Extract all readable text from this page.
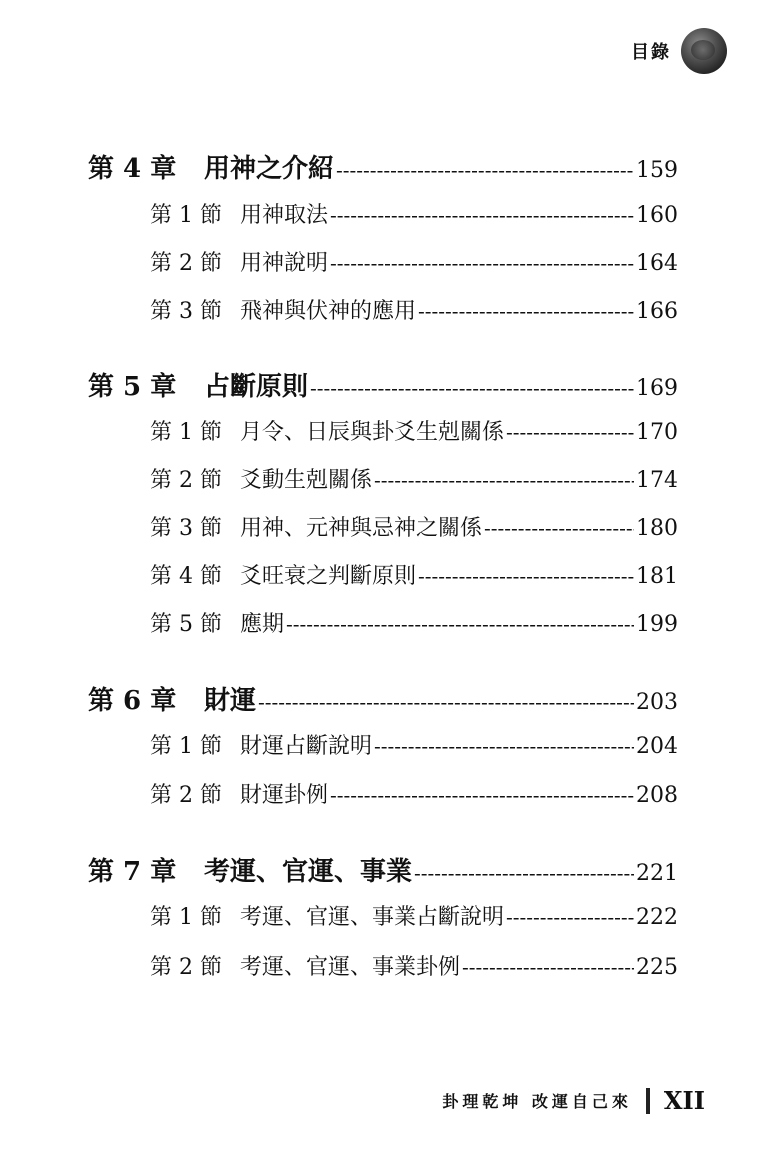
目錄
第 4 章	用神之介紹 -----	159
第 1 節 用神取法 -----	160
第 2 節 用神說明 -----	164
第 3 節 飛神與伏神的應用 -----	166
第 5 章	占斷原則 -----	169
第 1 節 月令、日辰與卦爻生剋關係 -----	170
第 2 節 爻動生剋關係 -----	174
第 3 節 用神、元神與忌神之關係 -----	180
第 4 節 爻旺衰之判斷原則 -----	181
第 5 節 應期 -----	199
第 6 章	財運 -----	203
第 1 節 財運占斷說明 -----	204
第 2 節 財運卦例 -----	208
第 7 章	考運、官運、事業 -----	221
第 1 節 考運、官運、事業占斷說明 -----	222
第 2 節 考運、官運、事業卦例 -----	225
卦理乾坤 改運自己來 XII
